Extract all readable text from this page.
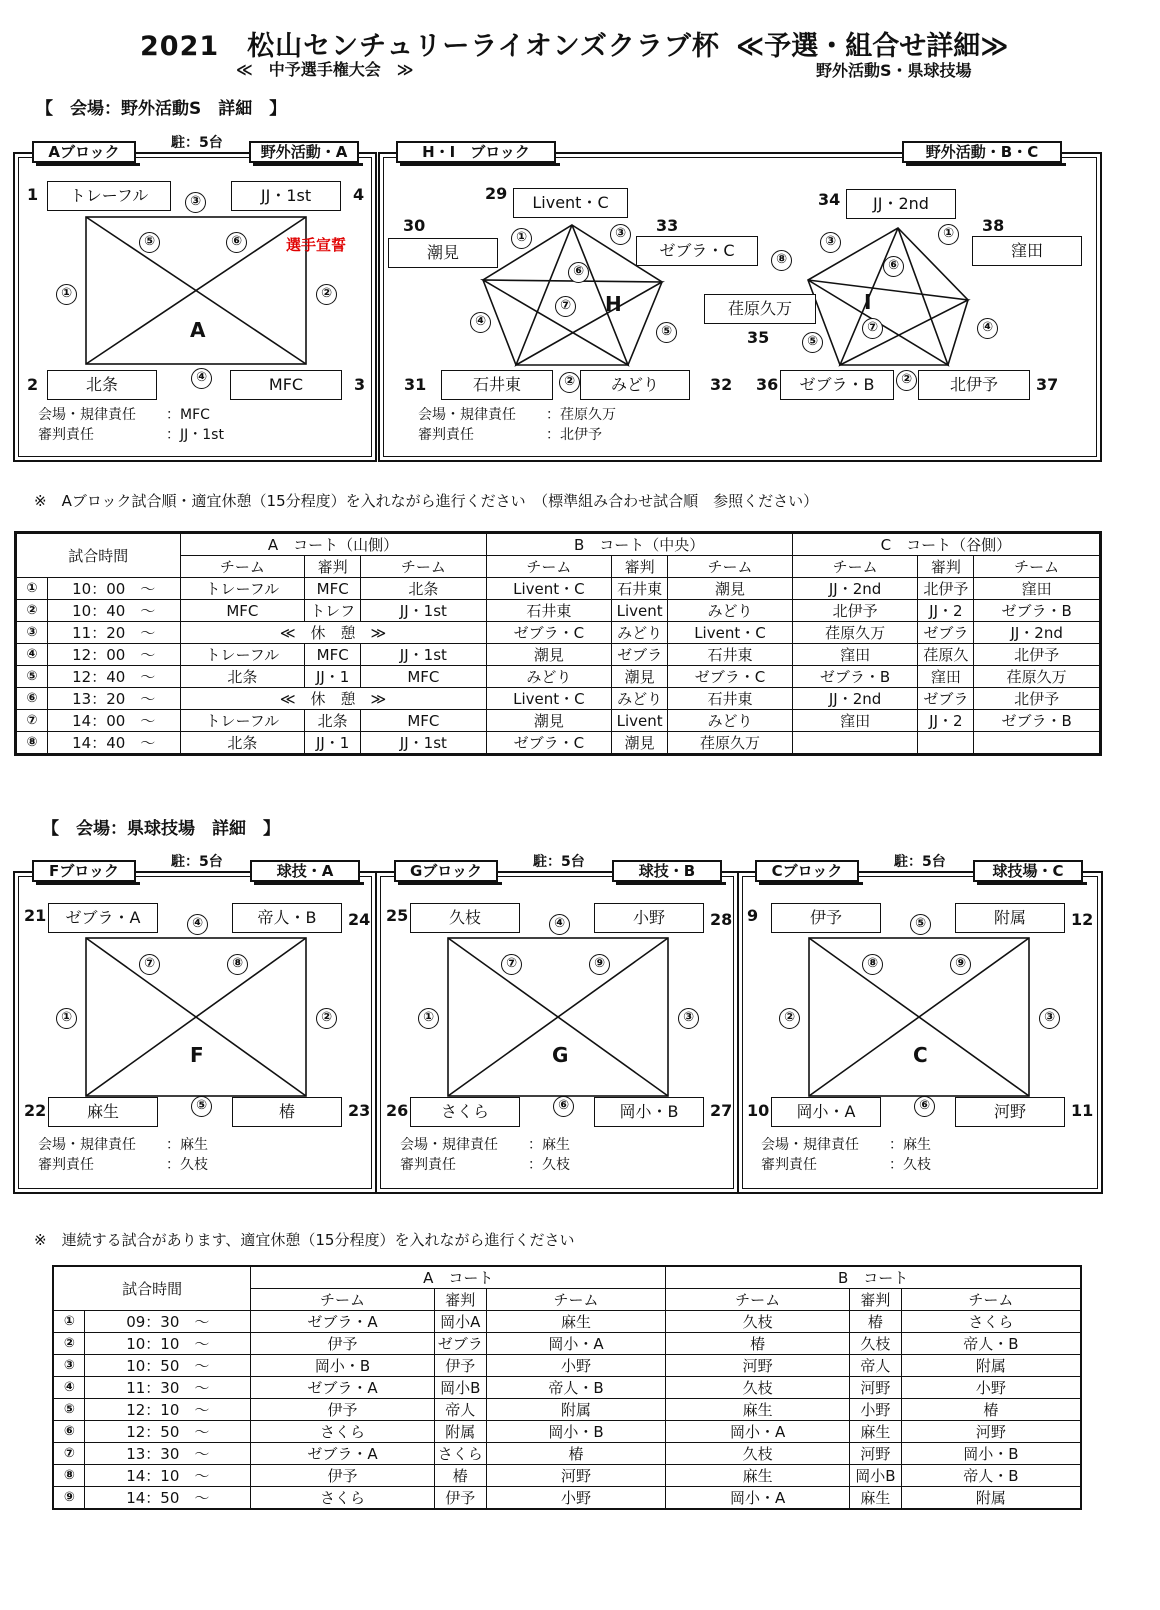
2021　松山センチュリーライオンズクラブ杯 ≪予選・組合せ詳細≫
≪　中予選手権大会　≫	野外活動S・県球技場
【　会場：野外活動S　詳細　】
Aブロック	駐：5台	野外活動・A	H・I　ブロック	野外活動・B・C
1	トレーフル	JJ・1st	4
2	北条	MFC	3
③
⑤	⑥
①	②
④
A
選手宣誓
会場・規律責任 ：MFC
審判責任	：JJ・1st
29	Livent・C
30
潮見
33
ゼブラ・C
31	石井東	みどり	32
荏原久万
35
34	JJ・2nd
38
窪田
36	ゼブラ・B	北伊予	37
①	③
⑥
⑦
④
⑤
②
⑧
③
①
⑥
⑦
⑤
④
②
H	I
会場・規律責任 ：荏原久万
審判責任	：北伊予
※　Aブロック試合順・適宜休憩（15分程度）を入れながら進行ください　（標準組み合わせ試合順　参照ください）
試合時間		A　コート（山側）			B　コート（中央）			C　コート（谷側）		
		チーム	審判	チーム	チーム	審判	チーム	チーム	審判	チーム
①	10：00　～	トレーフル	MFC	北条	Livent・C	石井東	潮見	JJ・2nd	北伊予	窪田
②	10：40　～	MFC	トレフ	JJ・1st	石井東	Livent	みどり	北伊予	JJ・2	ゼブラ・B
③	11：20　～	≪　休　憩　≫			ゼブラ・C	みどり	Livent・C	荏原久万	ゼブラ	JJ・2nd
④	12：00　～	トレーフル	MFC	JJ・1st	潮見	ゼブラ	石井東	窪田	荏原久	北伊予
⑤	12：40　～	北条	JJ・1	MFC	みどり	潮見	ゼブラ・C	ゼブラ・B	窪田	荏原久万
⑥	13：20　～	≪　休　憩　≫			Livent・C	みどり	石井東	JJ・2nd	ゼブラ	北伊予
⑦	14：00　～	トレーフル	北条	MFC	潮見	Livent	みどり	窪田	JJ・2	ゼブラ・B
⑧	14：40　～	北条	JJ・1	JJ・1st	ゼブラ・C	潮見	荏原久万			
【　会場：県球技場　詳細　】
Fブロック	駐：5台	球技・A
21	ゼブラ・A	帝人・B	24
22	麻生	椿	23
④
⑦	⑧
①	②
⑤
F
会場・規律責任 ：麻生
審判責任	：久枝
Gブロック	駐：5台	球技・B
25	久枝	小野	28
26	さくら	岡小・B	27
④
⑦	⑨
①	③
⑥
G
会場・規律責任 ：麻生
審判責任	：久枝
Cブロック	駐：5台	球技場・C
9	伊予	附属	12
10	岡小・A	河野	11
⑤
⑧	⑨
②	③
⑥
C
会場・規律責任 ：麻生
審判責任	：久枝
※　連続する試合があります、適宜休憩（15分程度）を入れながら進行ください
試合時間		A　コート			B　コート		
		チーム	審判	チーム	チーム	審判	チーム
①	09：30　～	ゼブラ・A	岡小A	麻生	久枝	椿	さくら
②	10：10　～	伊予	ゼブラ	岡小・A	椿	久枝	帝人・B
③	10：50　～	岡小・B	伊予	小野	河野	帝人	附属
④	11：30　～	ゼブラ・A	岡小B	帝人・B	久枝	河野	小野
⑤	12：10　～	伊予	帝人	附属	麻生	小野	椿
⑥	12：50　～	さくら	附属	岡小・B	岡小・A	麻生	河野
⑦	13：30　～	ゼブラ・A	さくら	椿	久枝	河野	岡小・B
⑧	14：10　～	伊予	椿	河野	麻生	岡小B	帝人・B
⑨	14：50　～	さくら	伊予	小野	岡小・A	麻生	附属
